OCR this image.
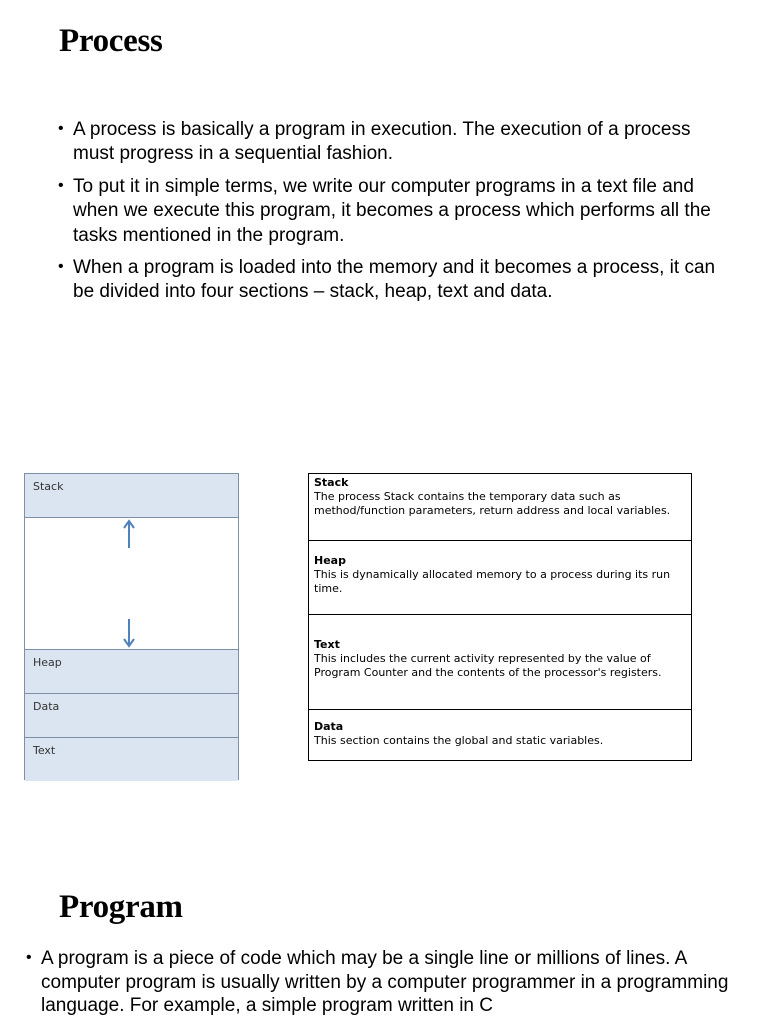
Process
• A process is basically a program in execution. The execution of a process must progress in a sequential fashion.
• To put it in simple terms, we write our computer programs in a text file and when we execute this program, it becomes a process which performs all the tasks mentioned in the program.
• When a program is loaded into the memory and it becomes a process, it can be divided into four sections – stack, heap, text and data.
Stack
Heap
Data
Text
Stack
The process Stack contains the temporary data such as method/function parameters, return address and local variables.
Heap
This is dynamically allocated memory to a process during its run time.
Text
This includes the current activity represented by the value of Program Counter and the contents of the processor's registers.
Data
This section contains the global and static variables.
Program
• A program is a piece of code which may be a single line or millions of lines. A computer program is usually written by a computer programmer in a programming language. For example, a simple program written in C
